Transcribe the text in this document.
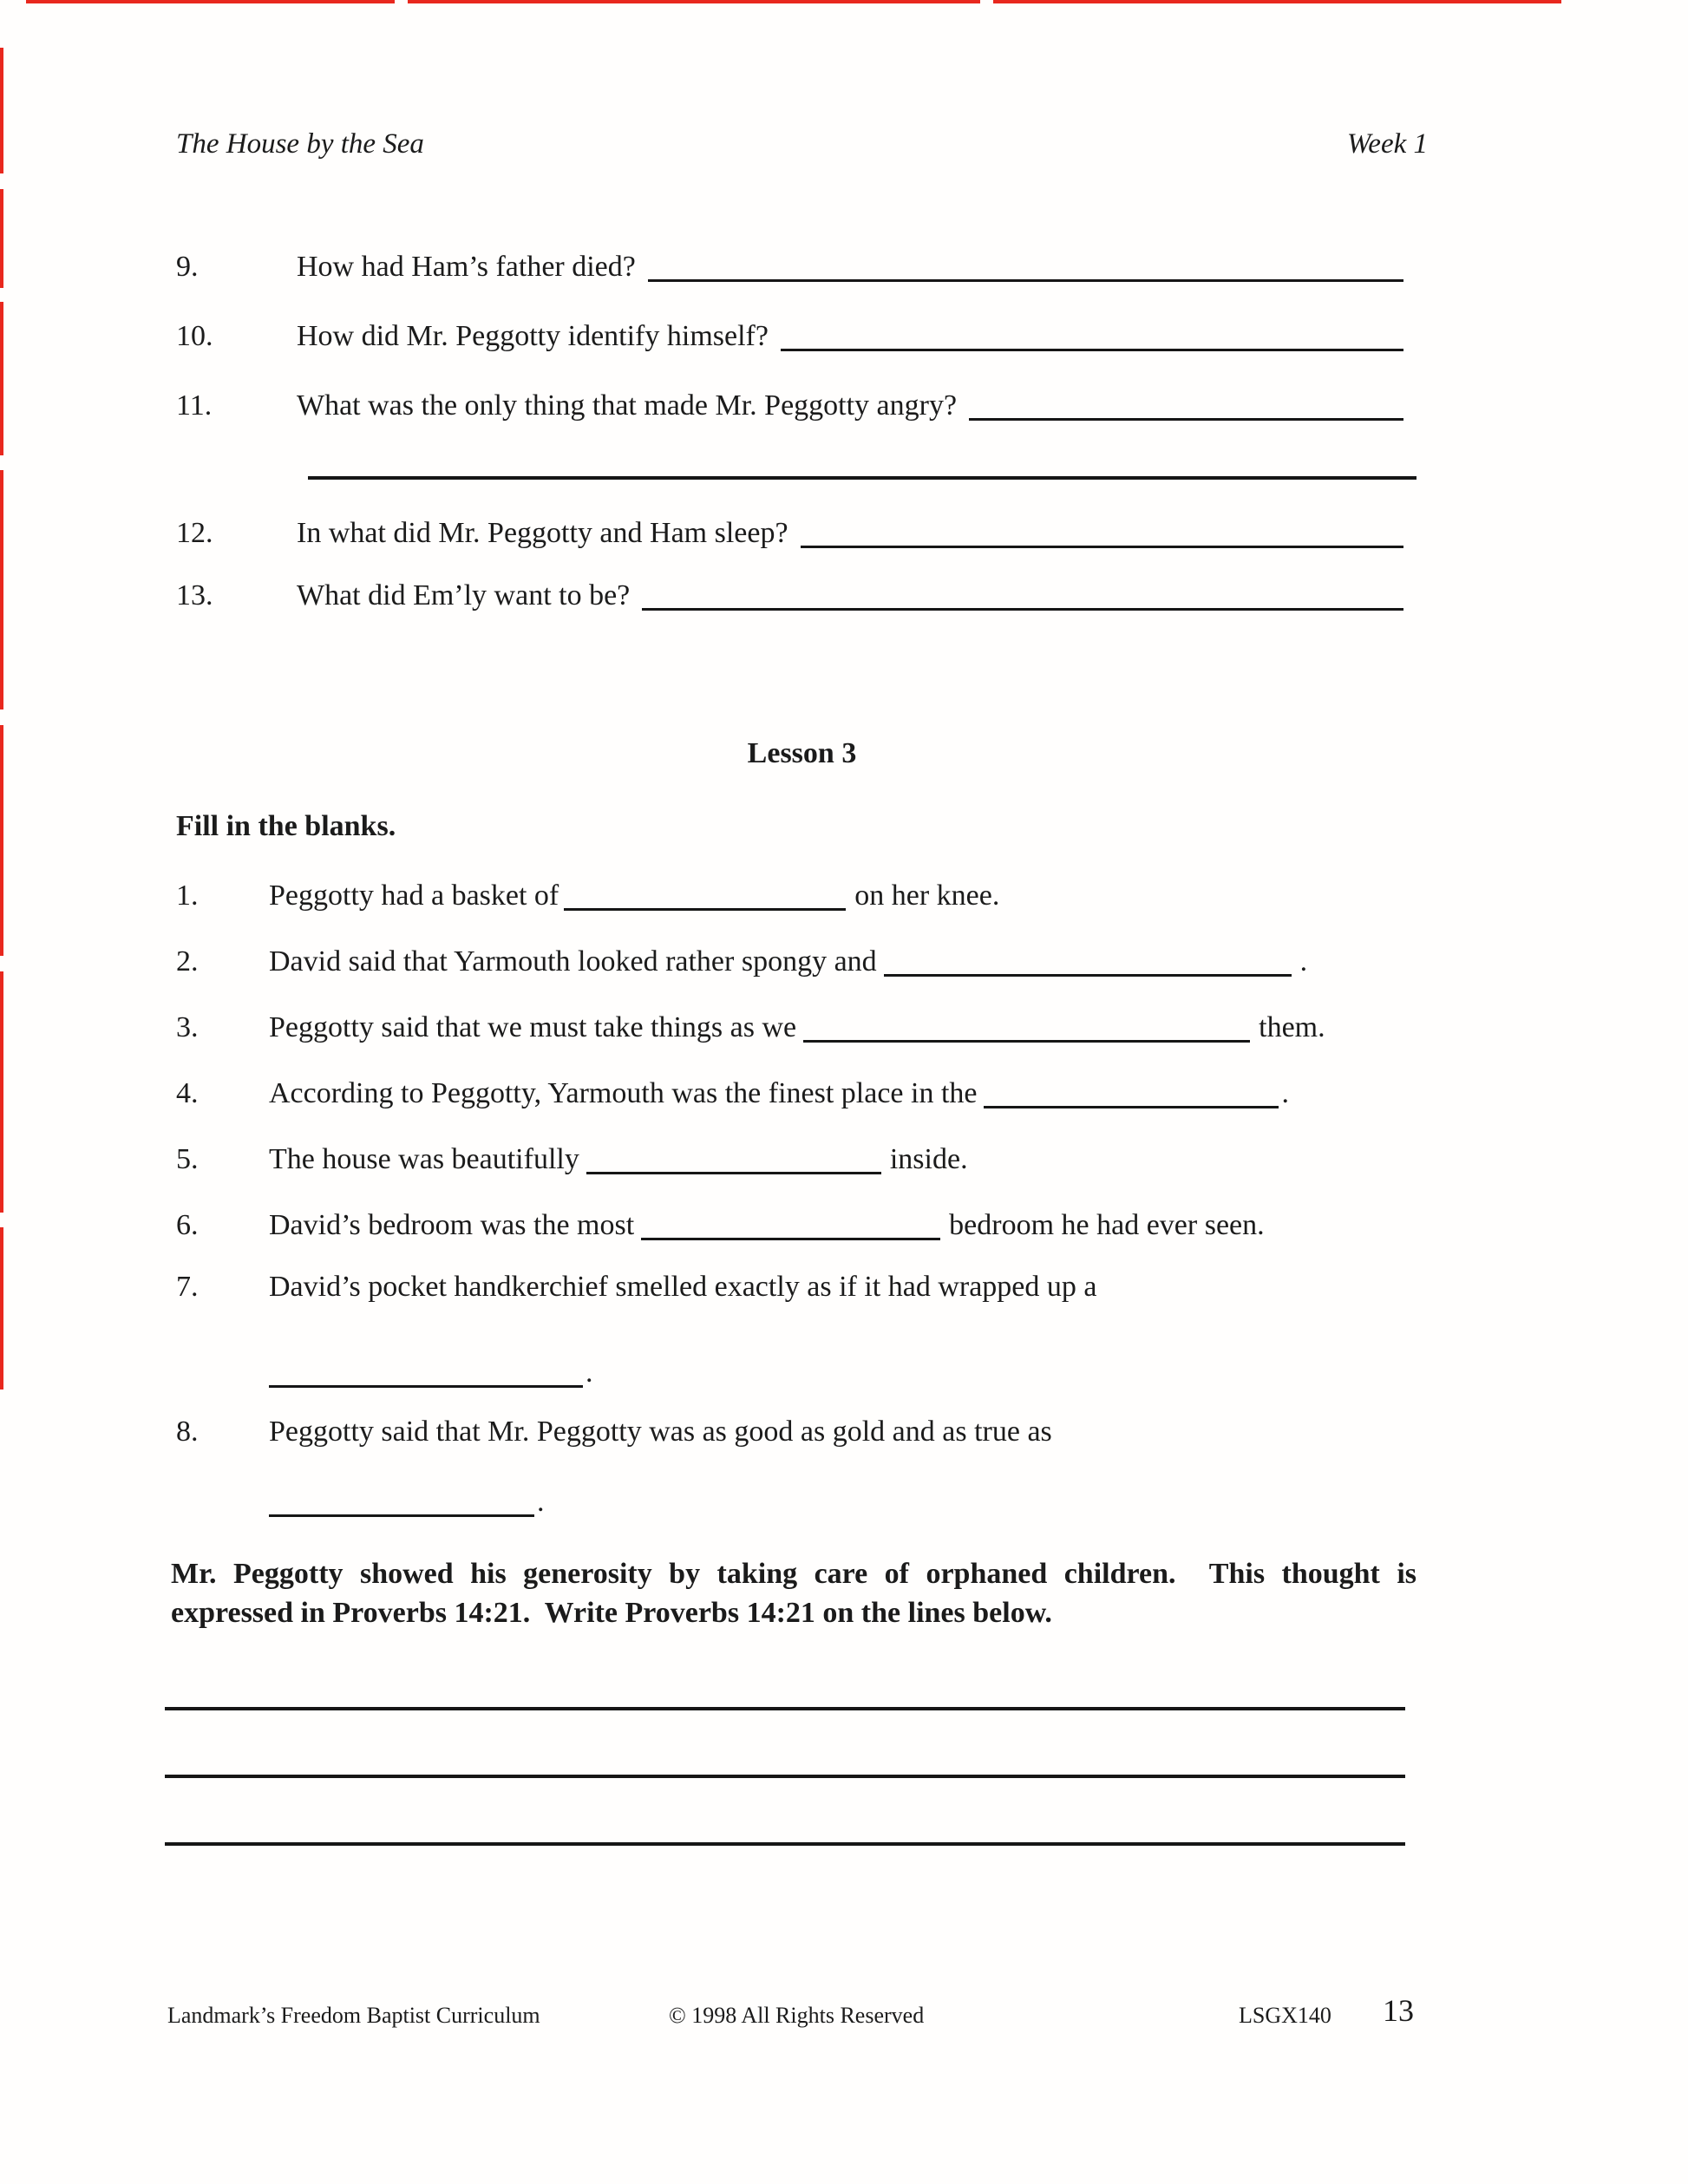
The House by the Sea	Week 1
9.	How had Ham’s father died?
10.	How did Mr. Peggotty identify himself?
11.	What was the only thing that made Mr. Peggotty angry?
12.	In what did Mr. Peggotty and Ham sleep?
13.	What did Em’ly want to be?
Lesson 3
Fill in the blanks.
1.	Peggotty had a basket of	on her knee.
2.	David said that Yarmouth looked rather spongy and	.
3.	Peggotty said that we must take things as we	them.
4.	According to Peggotty, Yarmouth was the finest place in the	.
5.	The house was beautifully	inside.
6.	David’s bedroom was the most	bedroom he had ever seen.
7.	David’s pocket handkerchief smelled exactly as if it had wrapped up a
.
8.	Peggotty said that Mr. Peggotty was as good as gold and as true as
.
Mr. Peggotty showed his generosity by taking care of orphaned children.  This thought is
expressed in Proverbs 14:21.  Write Proverbs 14:21 on the lines below.
Landmark’s Freedom Baptist Curriculum	© 1998 All Rights Reserved	LSGX140 13
